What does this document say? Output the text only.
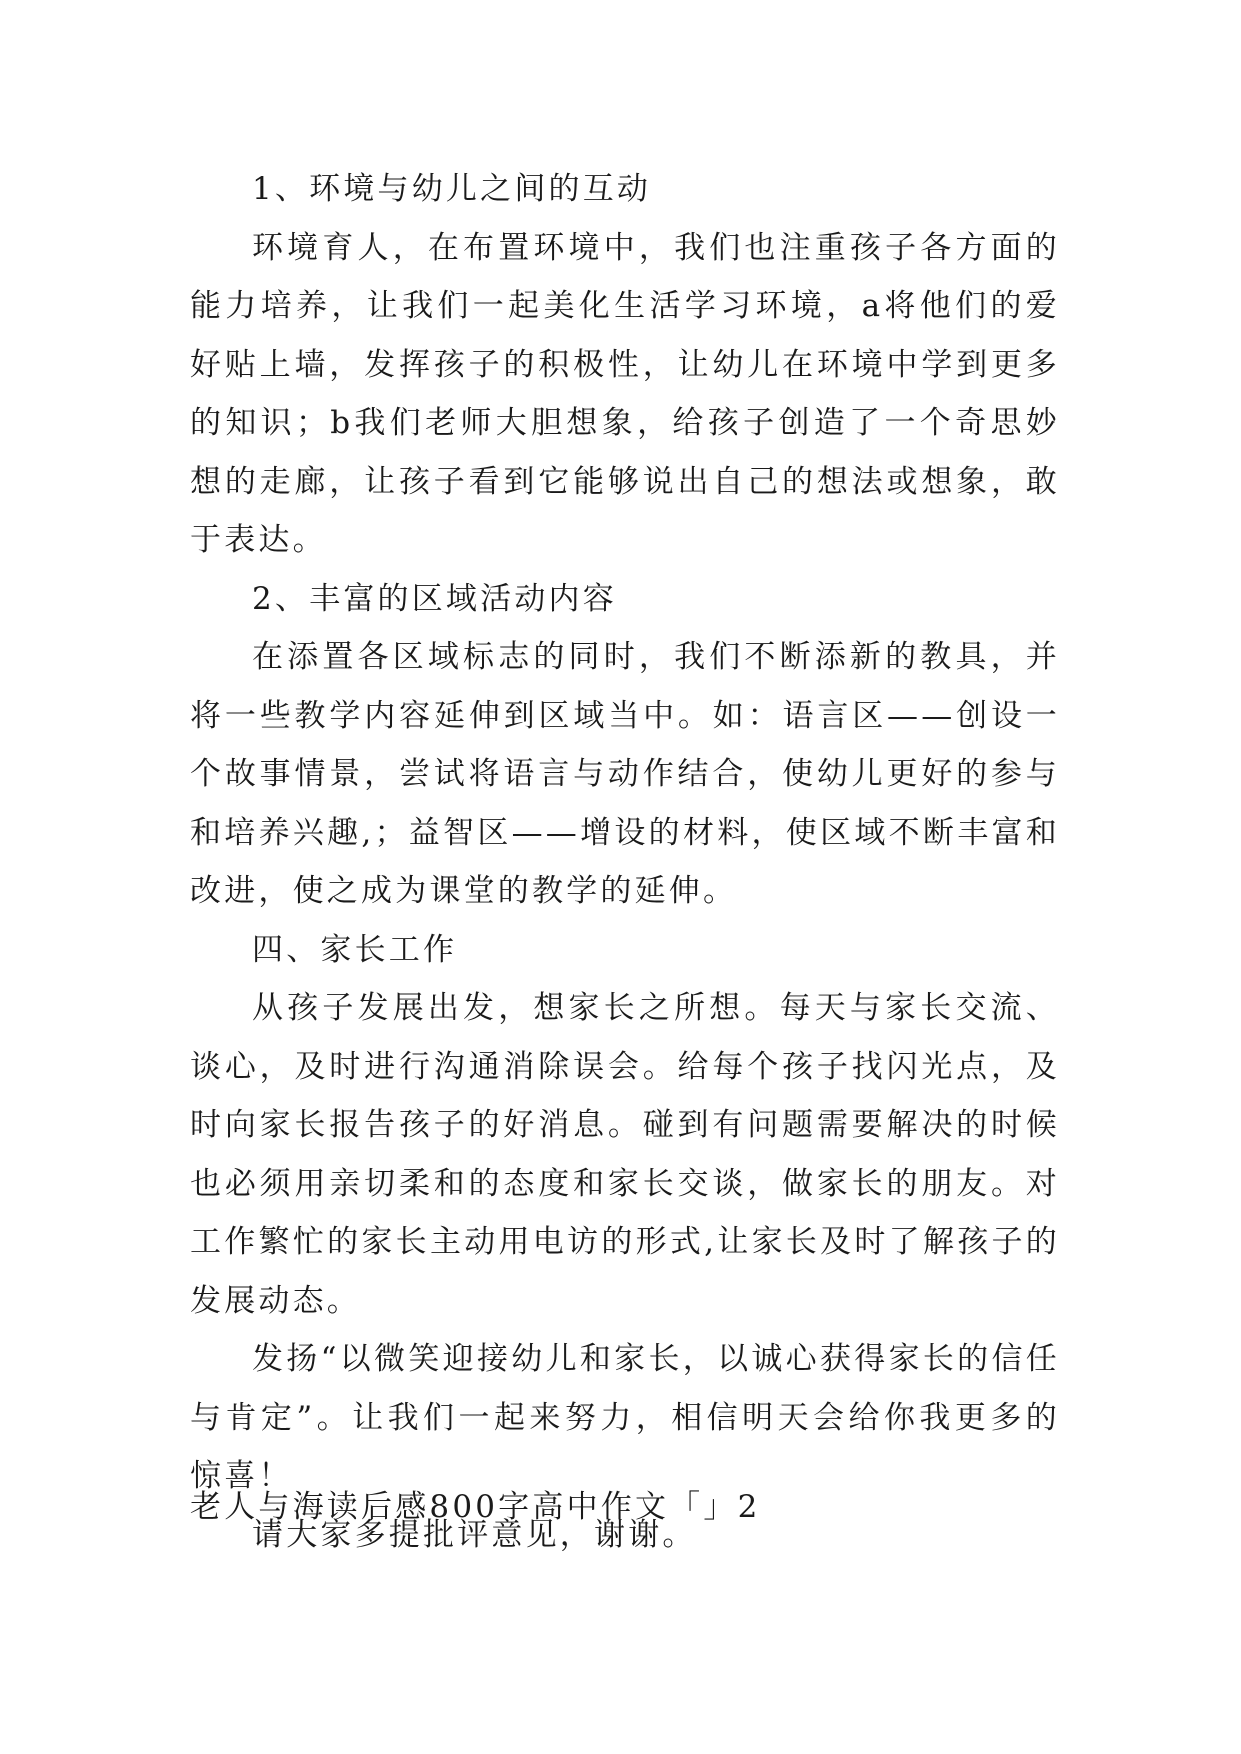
1、环境与幼儿之间的互动

环境育人，在布置环境中，我们也注重孩子各方面的能力培养，让我们一起美化生活学习环境，a将他们的爱好贴上墙，发挥孩子的积极性，让幼儿在环境中学到更多的知识；b我们老师大胆想象，给孩子创造了一个奇思妙想的走廊，让孩子看到它能够说出自己的想法或想象，敢于表达。

2、丰富的区域活动内容

在添置各区域标志的同时，我们不断添新的教具，并将一些教学内容延伸到区域当中。如：语言区——创设一个故事情景，尝试将语言与动作结合，使幼儿更好的参与和培养兴趣,；益智区——增设的材料，使区域不断丰富和改进，使之成为课堂的教学的延伸。

四、家长工作

从孩子发展出发，想家长之所想。每天与家长交流、谈心，及时进行沟通消除误会。给每个孩子找闪光点，及时向家长报告孩子的好消息。碰到有问题需要解决的时候也必须用亲切柔和的态度和家长交谈，做家长的朋友。对工作繁忙的家长主动用电访的形式,让家长及时了解孩子的发展动态。

发扬“以微笑迎接幼儿和家长，以诚心获得家长的信任与肯定”。让我们一起来努力，相信明天会给你我更多的惊喜！

请大家多提批评意见，谢谢。

老人与海读后感800字高中作文「」2
